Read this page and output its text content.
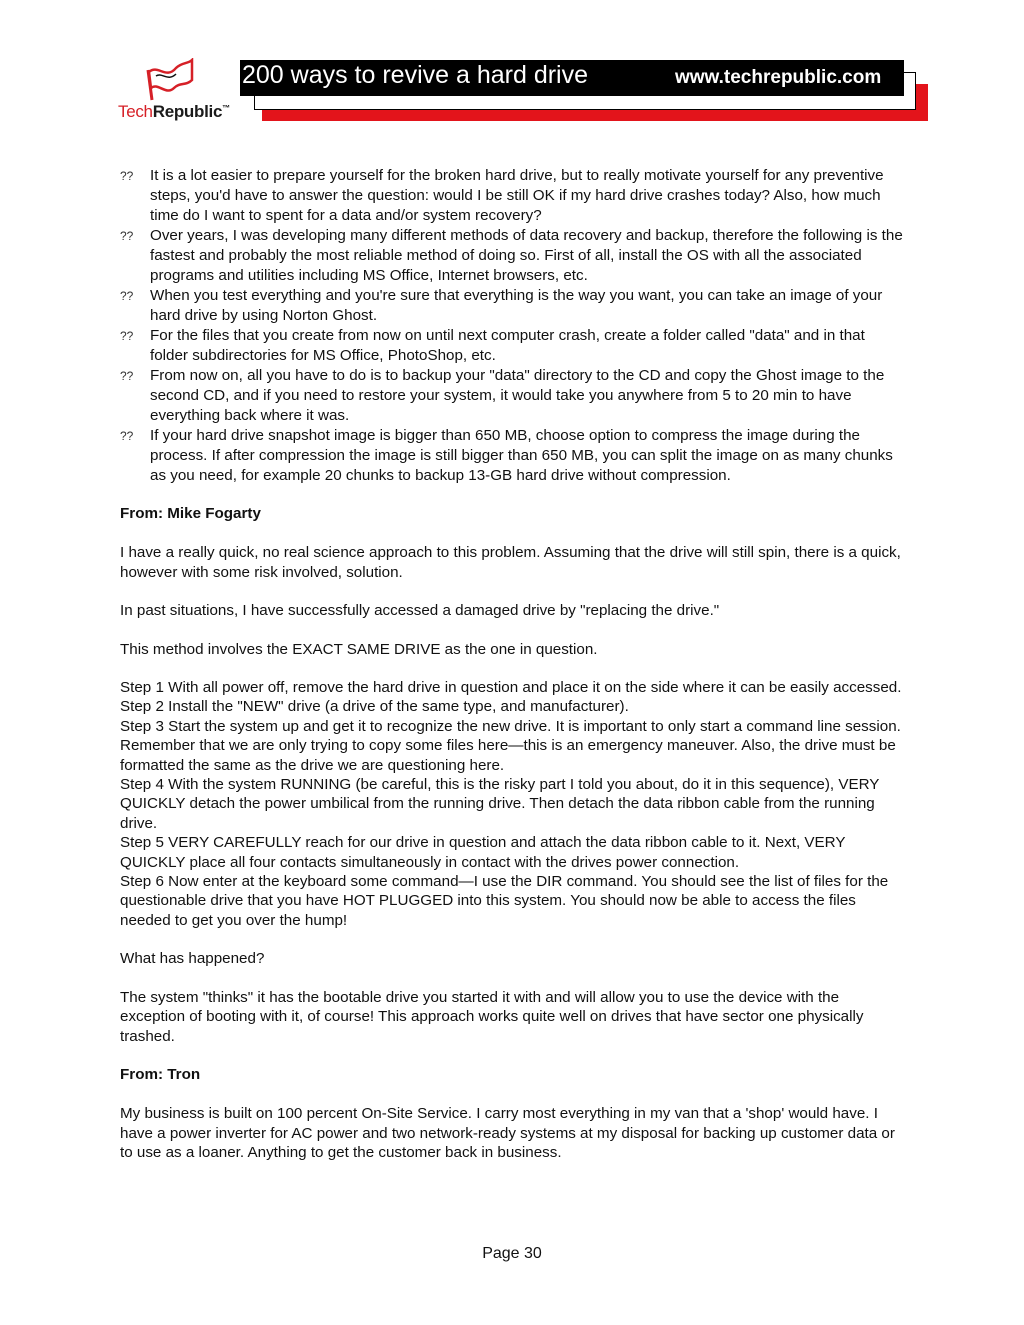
TechRepublic™
200 ways to revive a hard drive	www.techrepublic.com
?? It is a lot easier to prepare yourself for the broken hard drive, but to really motivate yourself for any preventive steps, you'd have to answer the question: would I be still OK if my hard drive crashes today? Also, how much time do I want to spent for a data and/or system recovery?
?? Over years, I was developing many different methods of data recovery and backup, therefore the following is the fastest and probably the most reliable method of doing so. First of all, install the OS with all the associated programs and utilities including MS Office, Internet browsers, etc.
?? When you test everything and you're sure that everything is the way you want, you can take an image of your hard drive by using Norton Ghost.
?? For the files that you create from now on until next computer crash, create a folder called "data" and in that folder subdirectories for MS Office, PhotoShop, etc.
?? From now on, all you have to do is to backup your "data" directory to the CD and copy the Ghost image to the second CD, and if you need to restore your system, it would take you anywhere from 5 to 20 min to have everything back where it was.
?? If your hard drive snapshot image is bigger than 650 MB, choose option to compress the image during the process. If after compression the image is still bigger than 650 MB, you can split the image on as many chunks as you need, for example 20 chunks to backup 13-GB hard drive without compression.

From: Mike Fogarty

I have a really quick, no real science approach to this problem. Assuming that the drive will still spin, there is a quick, however with some risk involved, solution.

In past situations, I have successfully accessed a damaged drive by "replacing the drive."

This method involves the EXACT SAME DRIVE as the one in question.

Step 1 With all power off, remove the hard drive in question and place it on the side where it can be easily accessed.

Step 2 Install the "NEW" drive (a drive of the same type, and manufacturer).

Step 3 Start the system up and get it to recognize the new drive. It is important to only start a command line session. Remember that we are only trying to copy some files here—this is an emergency maneuver. Also, the drive must be formatted the same as the drive we are questioning here.

Step 4 With the system RUNNING (be careful, this is the risky part I told you about, do it in this sequence), VERY QUICKLY detach the power umbilical from the running drive. Then detach the data ribbon cable from the running drive.

Step 5 VERY CAREFULLY reach for our drive in question and attach the data ribbon cable to it. Next, VERY QUICKLY place all four contacts simultaneously in contact with the drives power connection.

Step 6 Now enter at the keyboard some command—I use the DIR command. You should see the list of files for the questionable drive that you have HOT PLUGGED into this system. You should now be able to access the files needed to get you over the hump!

What has happened?

The system "thinks" it has the bootable drive you started it with and will allow you to use the device with the exception of booting with it, of course! This approach works quite well on drives that have sector one physically trashed.

From: Tron

My business is built on 100 percent On-Site Service. I carry most everything in my van that a 'shop' would have. I have a power inverter for AC power and two network-ready systems at my disposal for backing up customer data or to use as a loaner. Anything to get the customer back in business.

Page 30
